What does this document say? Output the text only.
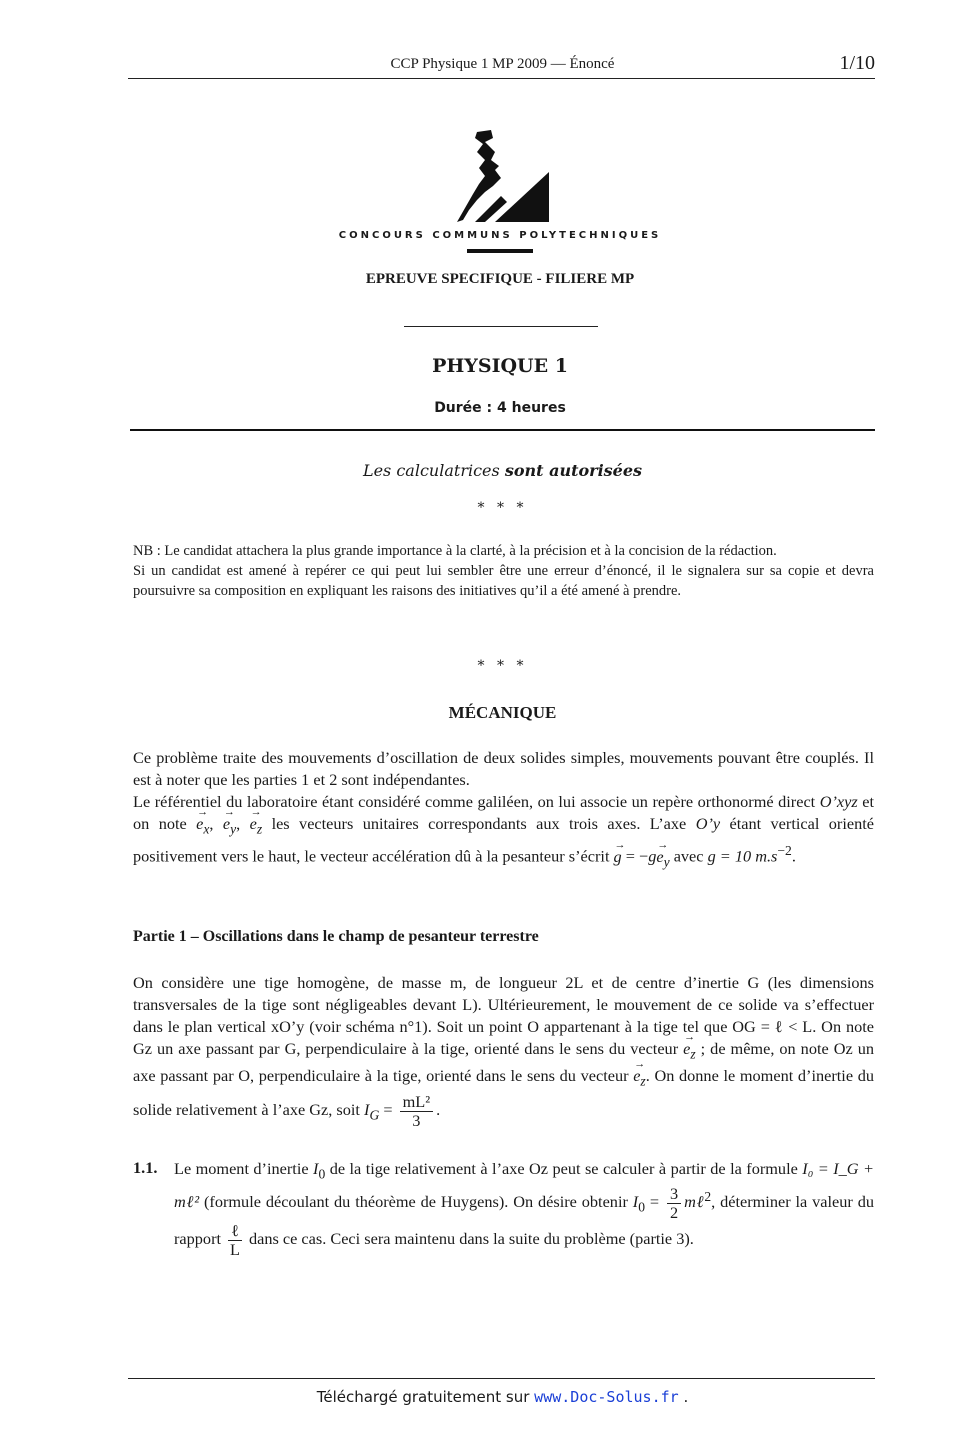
CCP Physique 1 MP 2009 — Énoncé	1/10
CONCOURS COMMUNS POLYTECHNIQUES
EPREUVE SPECIFIQUE - FILIERE MP
PHYSIQUE 1
Durée : 4 heures
Les calculatrices sont autorisées
* * *

NB : Le candidat attachera la plus grande importance à la clarté, à la précision et à la concision de la rédaction.

Si un candidat est amené à repérer ce qui peut lui sembler être une erreur d’énoncé, il le signalera sur sa copie et devra poursuivre sa composition en expliquant les raisons des initiatives qu’il a été amené à prendre.

* * *
MÉCANIQUE

Ce problème traite des mouvements d’oscillation de deux solides simples, mouvements pouvant être couplés. Il est à noter que les parties 1 et 2 sont indépendantes.

Le référentiel du laboratoire étant considéré comme galiléen, on lui associe un repère orthonormé direct O’xyz et on note → $e_x$, → $e_y$, → $e_z$ les vecteurs unitaires correspondants aux trois axes. L’axe O’y étant vertical orienté positivement vers le haut, le vecteur accélération dû à la pesanteur s’écrit → $g = -g\to e_y$ avec g = 10 $m.s^{-2}$.

Partie 1 – Oscillations dans le champ de pesanteur terrestre

On considère une tige homogène, de masse m, de longueur 2L et de centre d’inertie G (les dimensions transversales de la tige sont négligeables devant L). Ultérieurement, le mouvement de ce solide va s’effectuer dans le plan vertical xO’y (voir schéma n°1). Soit un point O appartenant à la tige tel que OG = ℓ < L. On note Gz un axe passant par G, perpendiculaire à la tige, orienté dans le sens du vecteur → $e_z$ ; de même, on note Oz un axe passant par O, perpendiculaire à la tige, orienté dans le sens du vecteur → $e_z$. On donne le moment d’inertie du solide relativement à l’axe Gz, soit $I_G = \frac{\text{mL²}}{3}$ .

1.1. Le moment d’inertie $I_0$ de la tige relativement à l’axe Oz peut se calculer à partir de la formule I₀ = I_G + mℓ² (formule découlant du théorème de Huygens). On désire obtenir $I_0 = \frac{3}{2}$ mℓ$^2$, déterminer la valeur du rapport $\frac{\text{ℓ}}{L}$ dans ce cas. Ceci sera maintenu dans la suite du problème (partie 3).

Téléchargé gratuitement sur www.Doc-Solus.fr .
